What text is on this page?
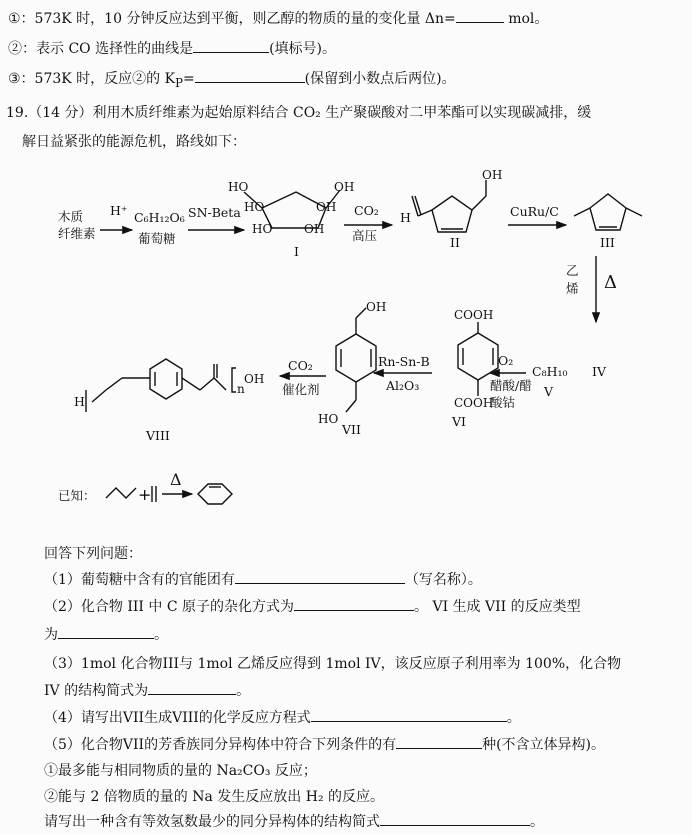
①：573K 时，10 分钟反应达到平衡，则乙醇的物质的量的变化量 Δn=	mol。
②：表示 CO 选择性的曲线是	(填标号)。
③：573K 时，反应②的 $K_P=$	(保留到小数点后两位)。
19.（14 分）利用木质纤维素为起始原料结合 CO₂ 生产聚碳酸对二甲苯酯可以实现碳减排，缓
解日益紧张的能源危机，路线如下：
+
木质
纤维素
H⁺ C₆H₁₂O₆
葡萄糖
SN-Beta
HO	OH
HO	OH
HO	OH
I
CO₂
高压
H
OH
II
CuRu/C
III
乙烯 Δ
C₈H₁₀ IV
V
O₂
醋酸/醋酸钴
COOH
COOH
VI
Rn-Sn-B
Al₂O₃
OH
HO
VII
CO₂
催化剂
H
n
OH
VIII
已知：
Δ
回答下列问题：
（1）葡萄糖中含有的官能团有	（写名称）。
（2）化合物 III 中 C 原子的杂化方式为	。 VI 生成 VII 的反应类型
为	。
（3）1mol 化合物III与 1mol 乙烯反应得到 1mol IV，该反应原子利用率为 100%，化合物
IV 的结构简式为	。
（4）请写出VII生成VIII的化学反应方程式	。
（5）化合物VII的芳香族同分异构体中符合下列条件的有	种(不含立体异构)。
①最多能与相同物质的量的 Na₂CO₃ 反应；
②能与 2 倍物质的量的 Na 发生反应放出 H₂ 的反应。
请写出一种含有等效氢数最少的同分异构体的结构简式	。
